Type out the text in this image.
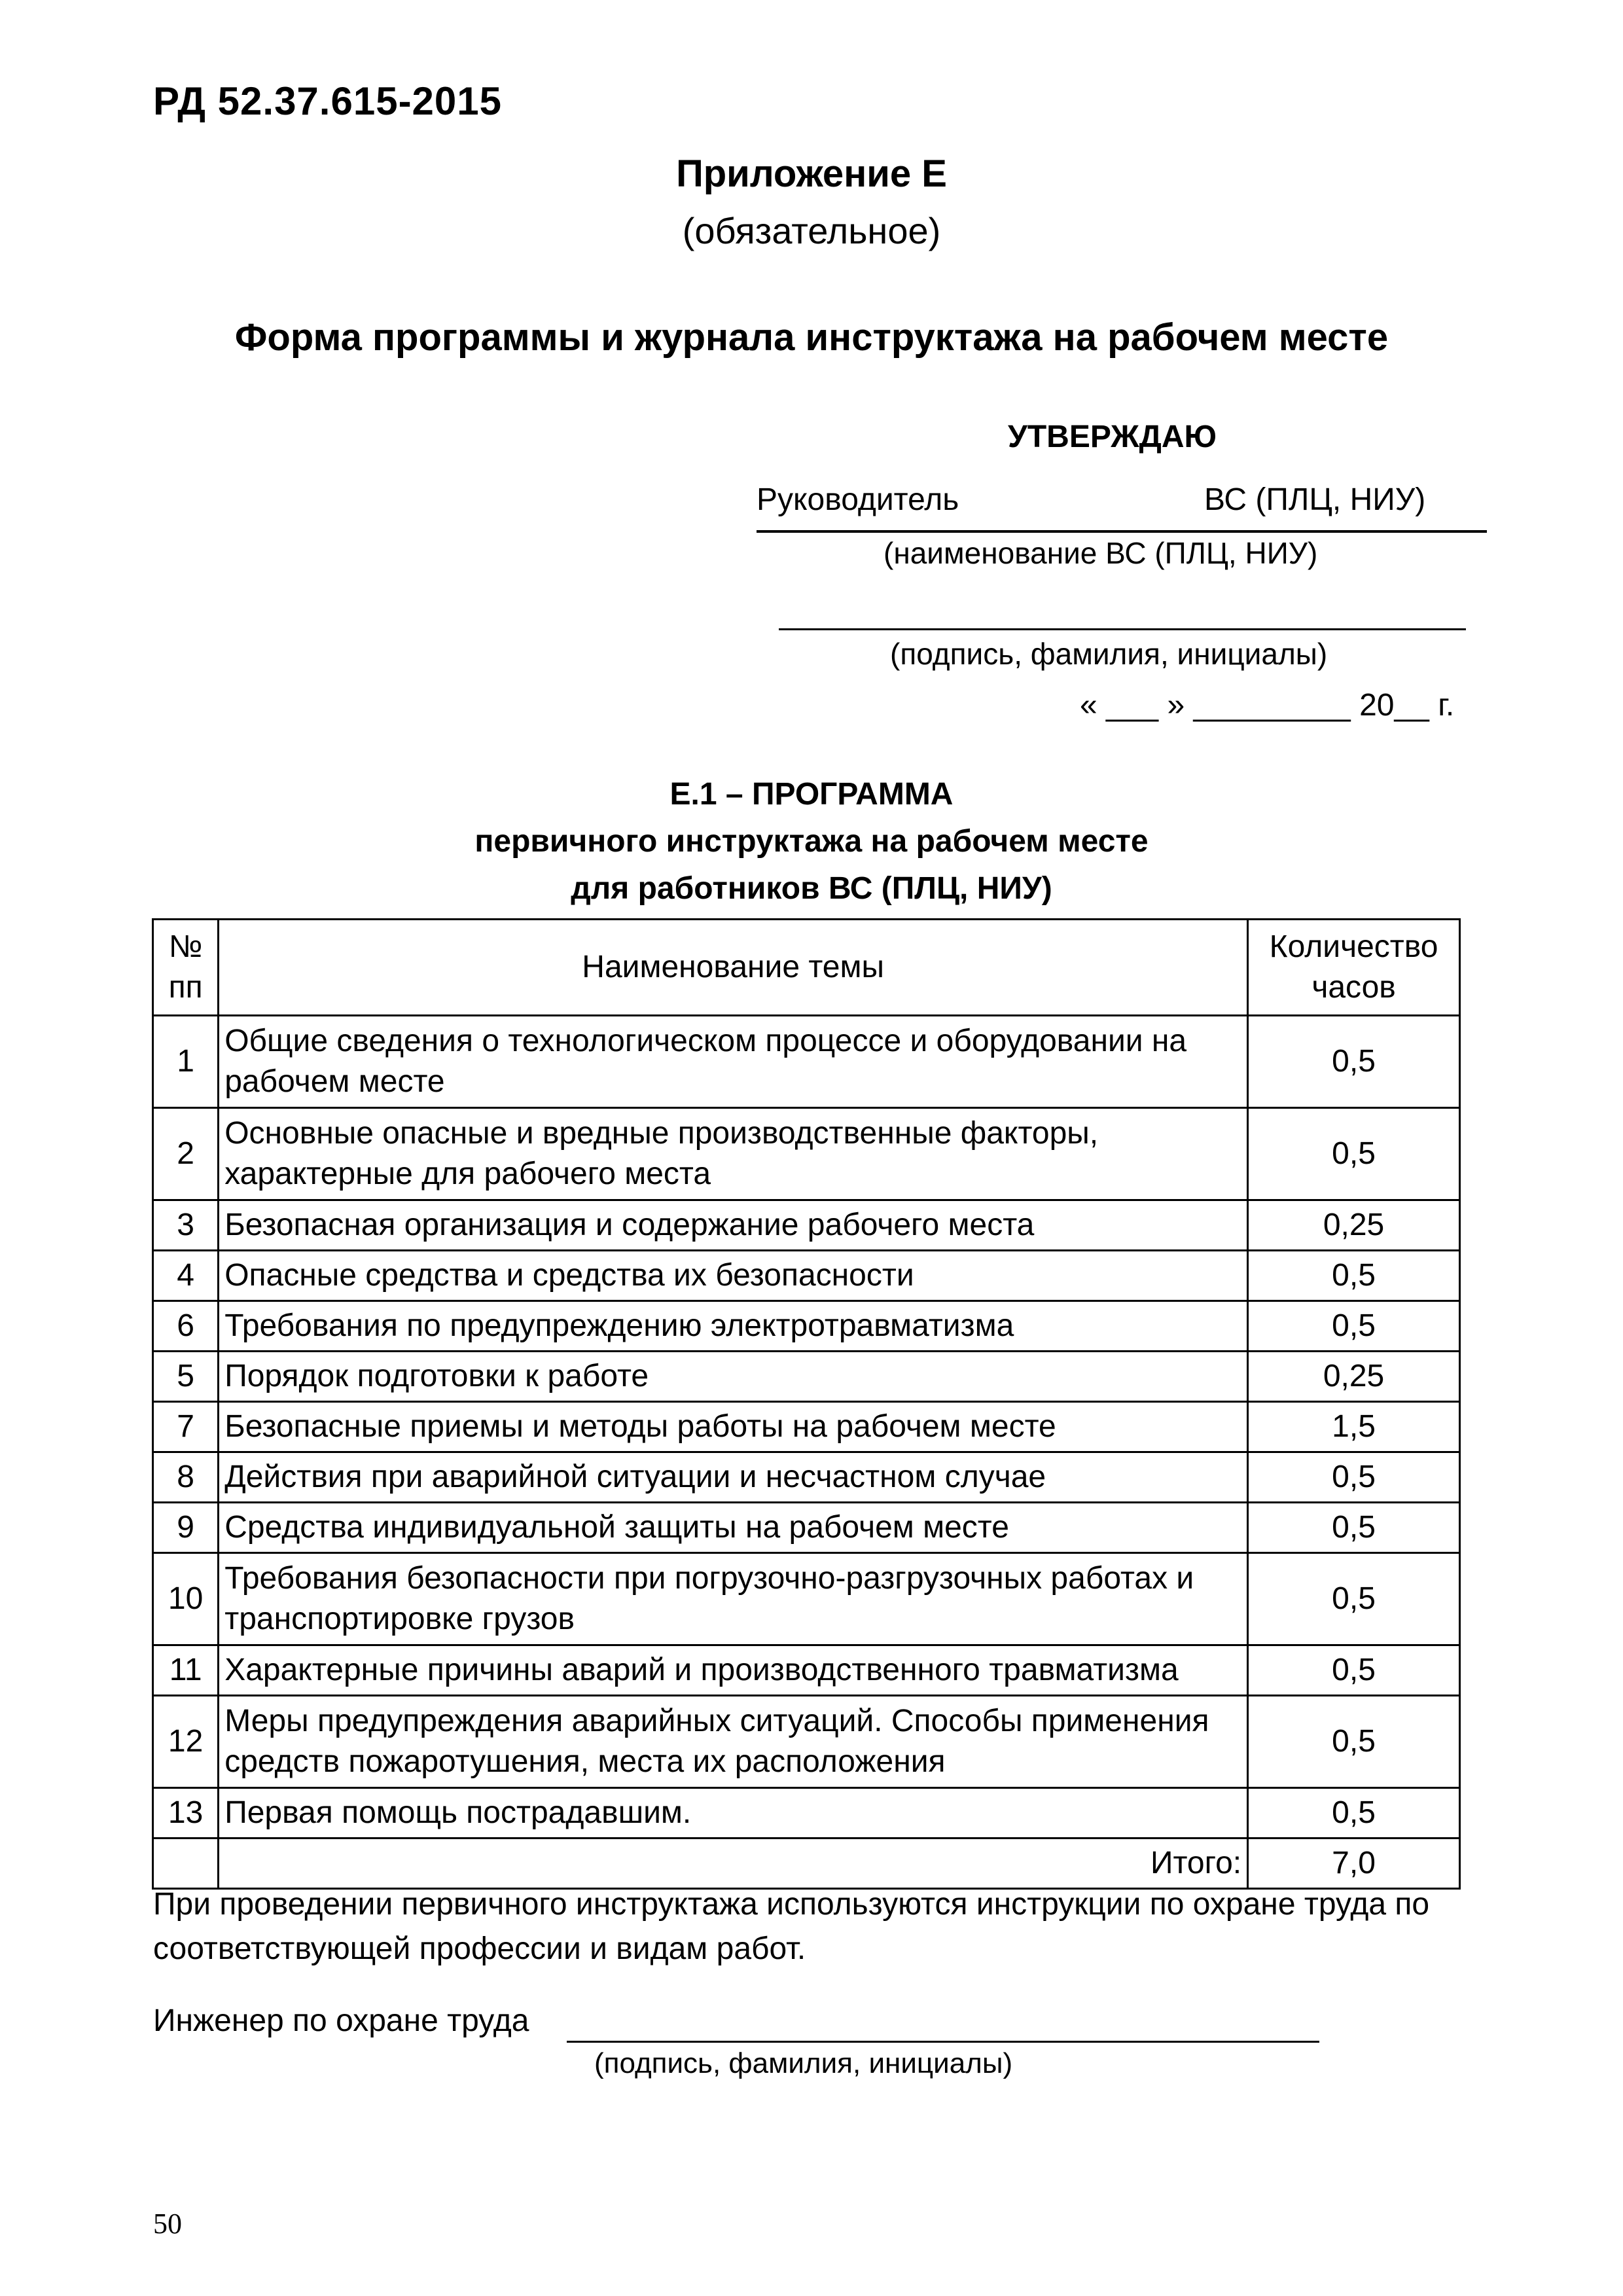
РД 52.37.615-2015
Приложение Е
(обязательное)
Форма программы и журнала инструктажа на рабочем месте
УТВЕРЖДАЮ
Руководитель	ВС (ПЛЦ, НИУ)
(наименование ВС (ПЛЦ, НИУ)
(подпись, фамилия, инициалы)
« ___ » _________ 20__ г.
Е.1 – ПРОГРАММА
первичного инструктажа на рабочем месте
для работников ВС (ПЛЦ, НИУ)
№ пп	Наименование темы	Количество часов
1	Общие сведения о технологическом процессе и оборудовании на рабочем месте	0,5
2	Основные опасные и вредные производственные факторы, характерные для рабочего места	0,5
3	Безопасная организация и содержание рабочего места	0,25
4	Опасные средства и средства их безопасности	0,5
6	Требования по предупреждению электротравматизма	0,5
5	Порядок подготовки к работе	0,25
7	Безопасные приемы и методы работы на рабочем месте	1,5
8	Действия при аварийной ситуации и несчастном случае	0,5
9	Средства индивидуальной защиты на рабочем месте	0,5
10	Требования безопасности при погрузочно-разгрузочных работах и транспортировке грузов	0,5
11	Характерные причины аварий и производственного травматизма	0,5
12	Меры предупреждения аварийных ситуаций. Способы применения средств пожаротушения, места их расположения	0,5
13	Первая помощь пострадавшим.	0,5
	Итого:	7,0
При проведении первичного инструктажа используются инструкции по охране труда по соответствующей профессии и видам работ.
Инженер по охране труда
(подпись, фамилия, инициалы)
50
